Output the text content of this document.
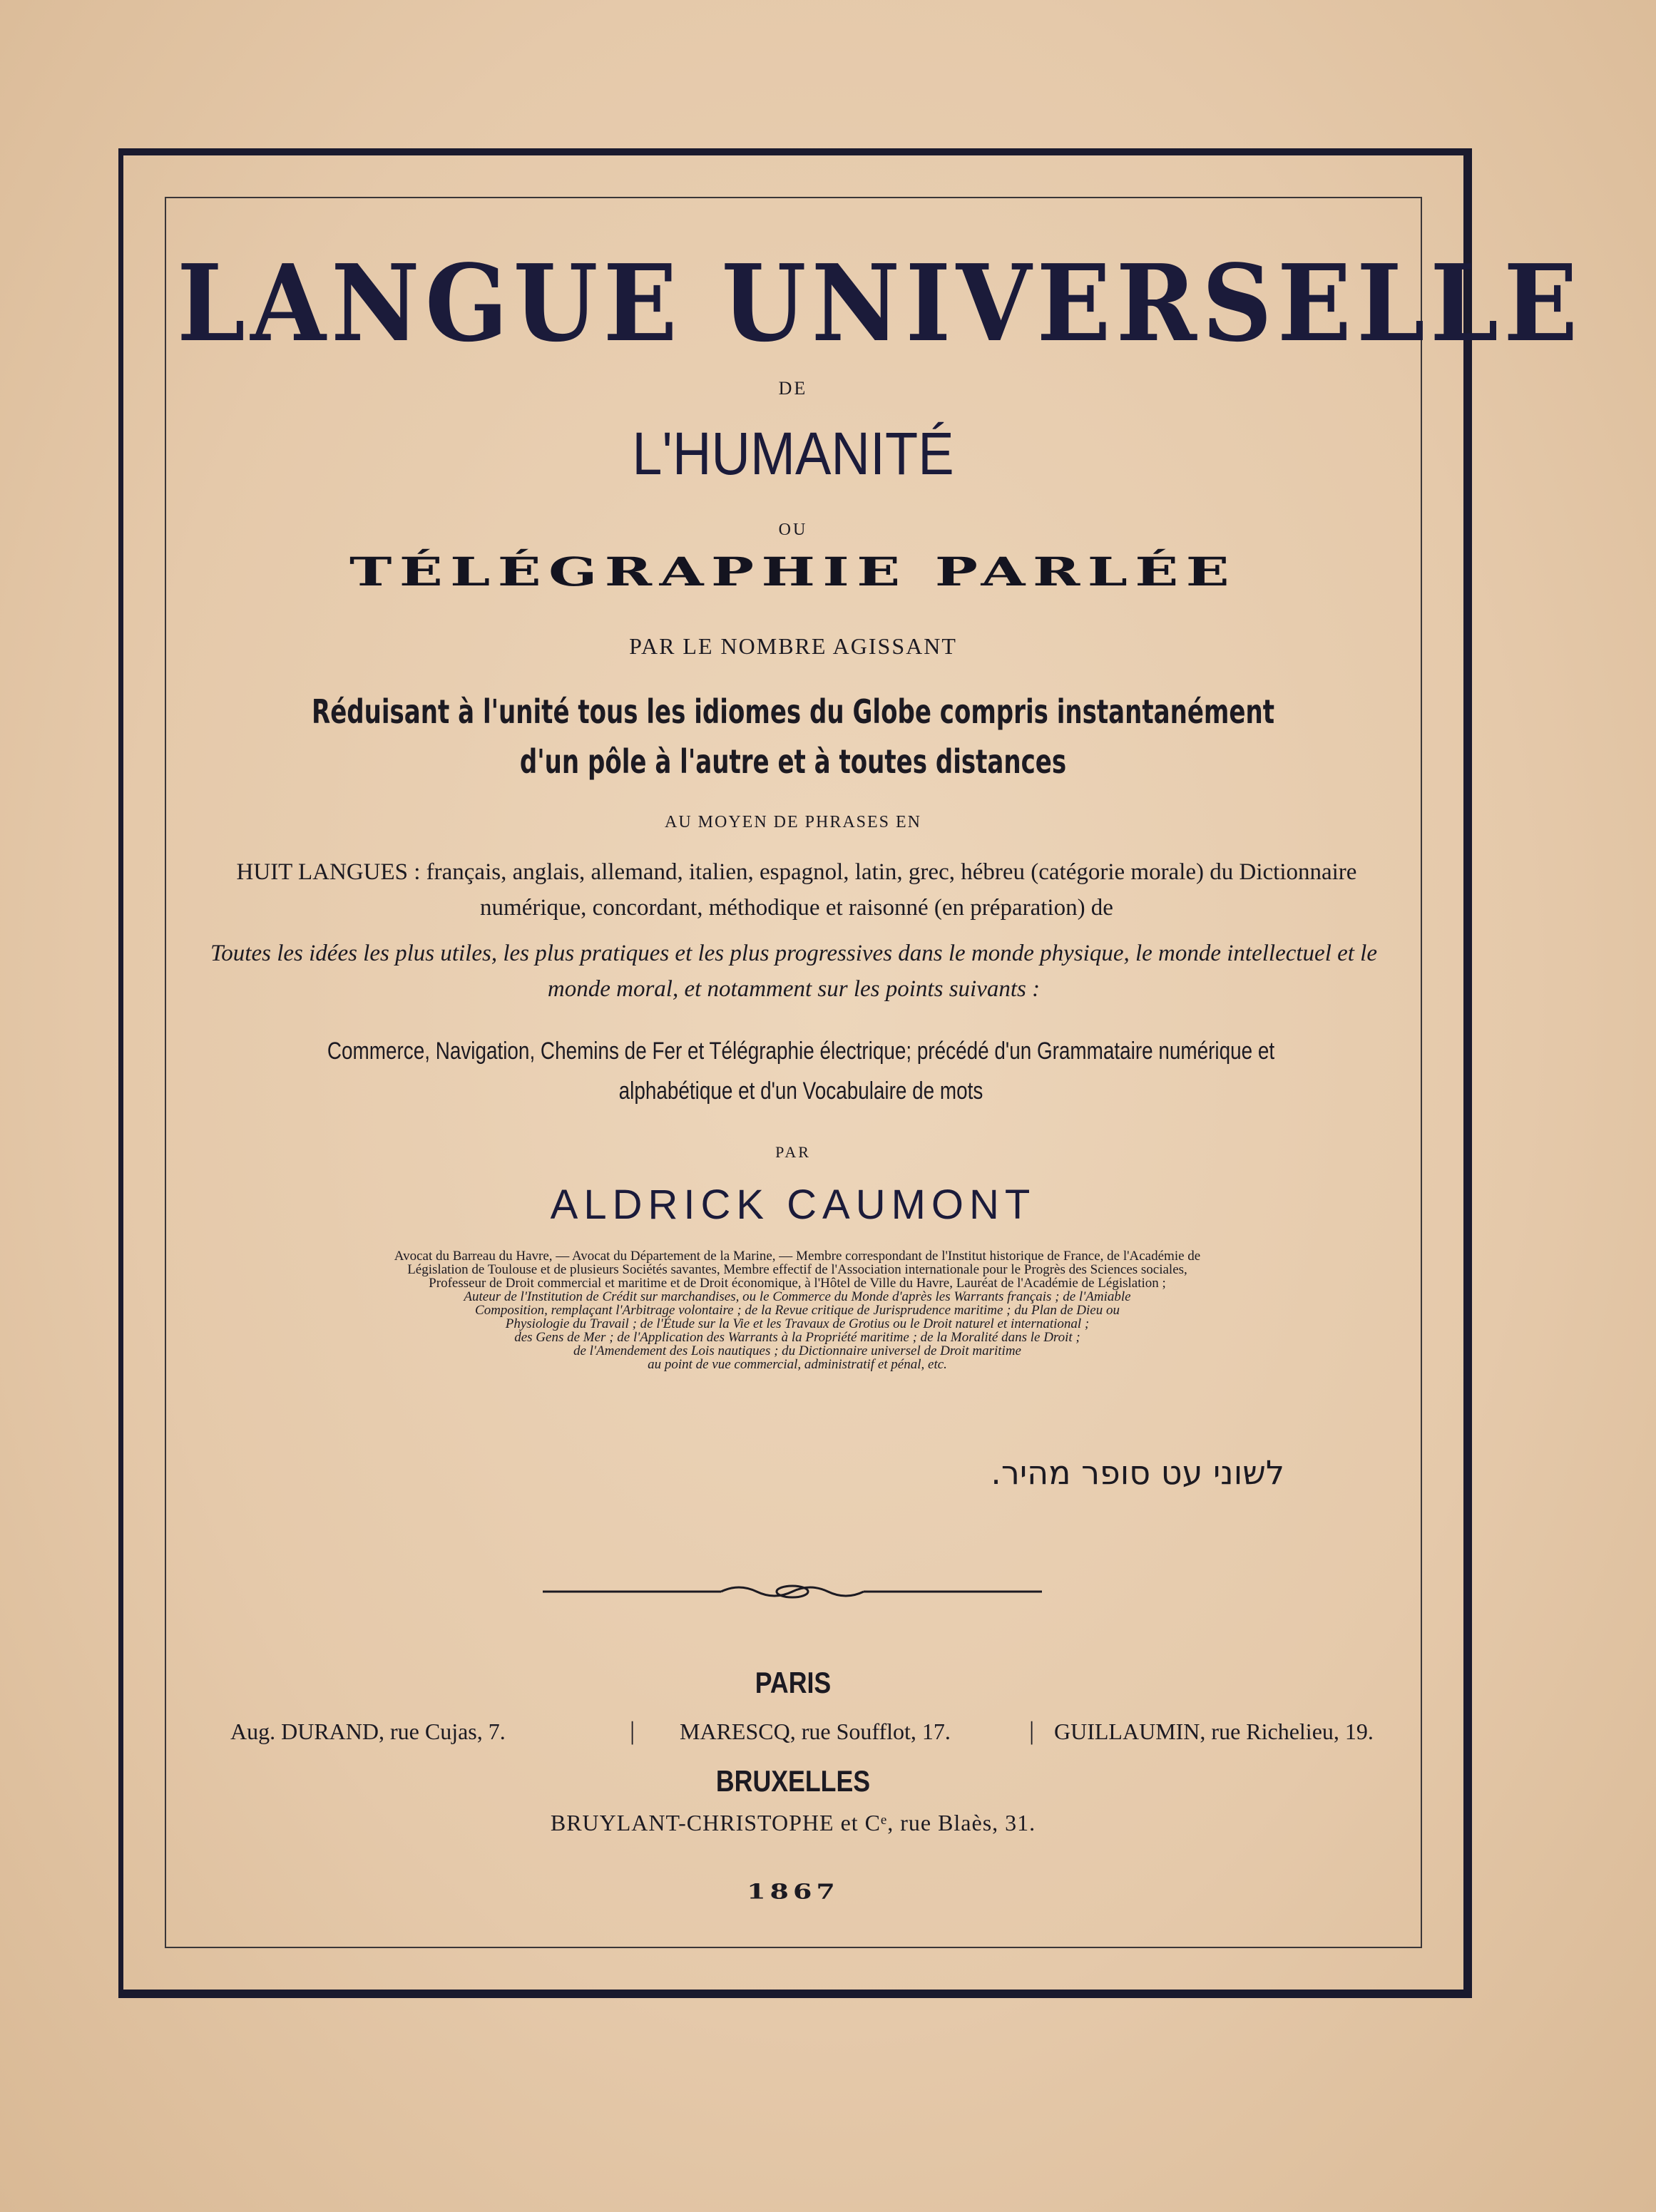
LANGUE UNIVERSELLE
DE
L'HUMANITÉ
OU
TÉLÉGRAPHIE PARLÉE
PAR LE NOMBRE AGISSANT
Réduisant à l'unité tous les idiomes du Globe compris instantanément
d'un pôle à l'autre et à toutes distances
AU MOYEN DE PHRASES EN
HUIT LANGUES : français, anglais, allemand, italien, espagnol, latin, grec, hébreu (catégorie morale) du Dictionnaire numérique, concordant, méthodique et raisonné (en préparation) de
Toutes les idées les plus utiles, les plus pratiques et les plus progressives dans le monde physique, le monde intellectuel et le monde moral, et notamment sur les points suivants :
Commerce, Navigation, Chemins de Fer et Télégraphie électrique; précédé d'un Grammataire numérique et alphabétique et d'un Vocabulaire de mots
PAR
ALDRICK CAUMONT
Avocat du Barreau du Havre, — Avocat du Département de la Marine, — Membre correspondant de l'Institut historique de France, de l'Académie de
Législation de Toulouse et de plusieurs Sociétés savantes, Membre effectif de l'Association internationale pour le Progrès des Sciences sociales,
Professeur de Droit commercial et maritime et de Droit économique, à l'Hôtel de Ville du Havre, Lauréat de l'Académie de Législation ;
Auteur de l'Institution de Crédit sur marchandises, ou le Commerce du Monde d'après les Warrants français ; de l'Amiable
Composition, remplaçant l'Arbitrage volontaire ; de la Revue critique de Jurisprudence maritime ; du Plan de Dieu ou
Physiologie du Travail ; de l'Étude sur la Vie et les Travaux de Grotius ou le Droit naturel et international ;
des Gens de Mer ; de l'Application des Warrants à la Propriété maritime ; de la Moralité dans le Droit ;
de l'Amendement des Lois nautiques ; du Dictionnaire universel de Droit maritime
au point de vue commercial, administratif et pénal, etc.
לשוני עט סופר מהיר.
PARIS
Aug. DURAND, rue Cujas, 7.	| MARESCQ, rue Soufflot, 17.	| GUILLAUMIN, rue Richelieu, 19.
BRUXELLES
BRUYLANT-CHRISTOPHE et Cᵉ, rue Blaès, 31.
1867
